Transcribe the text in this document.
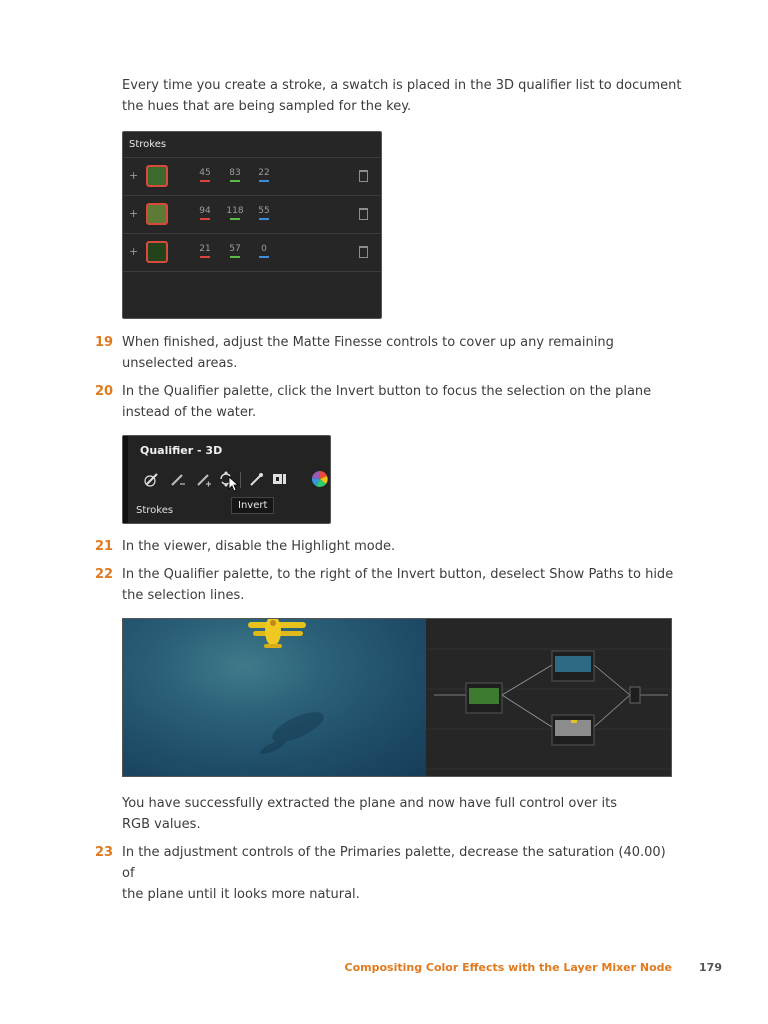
Every time you create a stroke, a swatch is placed in the 3D qualifier list to document
the hues that are being sampled for the key.
Strokes
+	45	83	22
+	94	118	55
+	21	57	0
19 When finished, adjust the Matte Finesse controls to cover up any remaining
unselected areas.
20 In the Qualifier palette, click the Invert button to focus the selection on the plane
instead of the water.
Qualifier - 3D
Strokes	Invert
21 In the viewer, disable the Highlight mode.
22 In the Qualifier palette, to the right of the Invert button, deselect Show Paths to hide
the selection lines.
You have successfully extracted the plane and now have full control over its
RGB values.
23 In the adjustment controls of the Primaries palette, decrease the saturation (40.00) of
the plane until it looks more natural.
Compositing Color Effects with the Layer Mixer Node 179
